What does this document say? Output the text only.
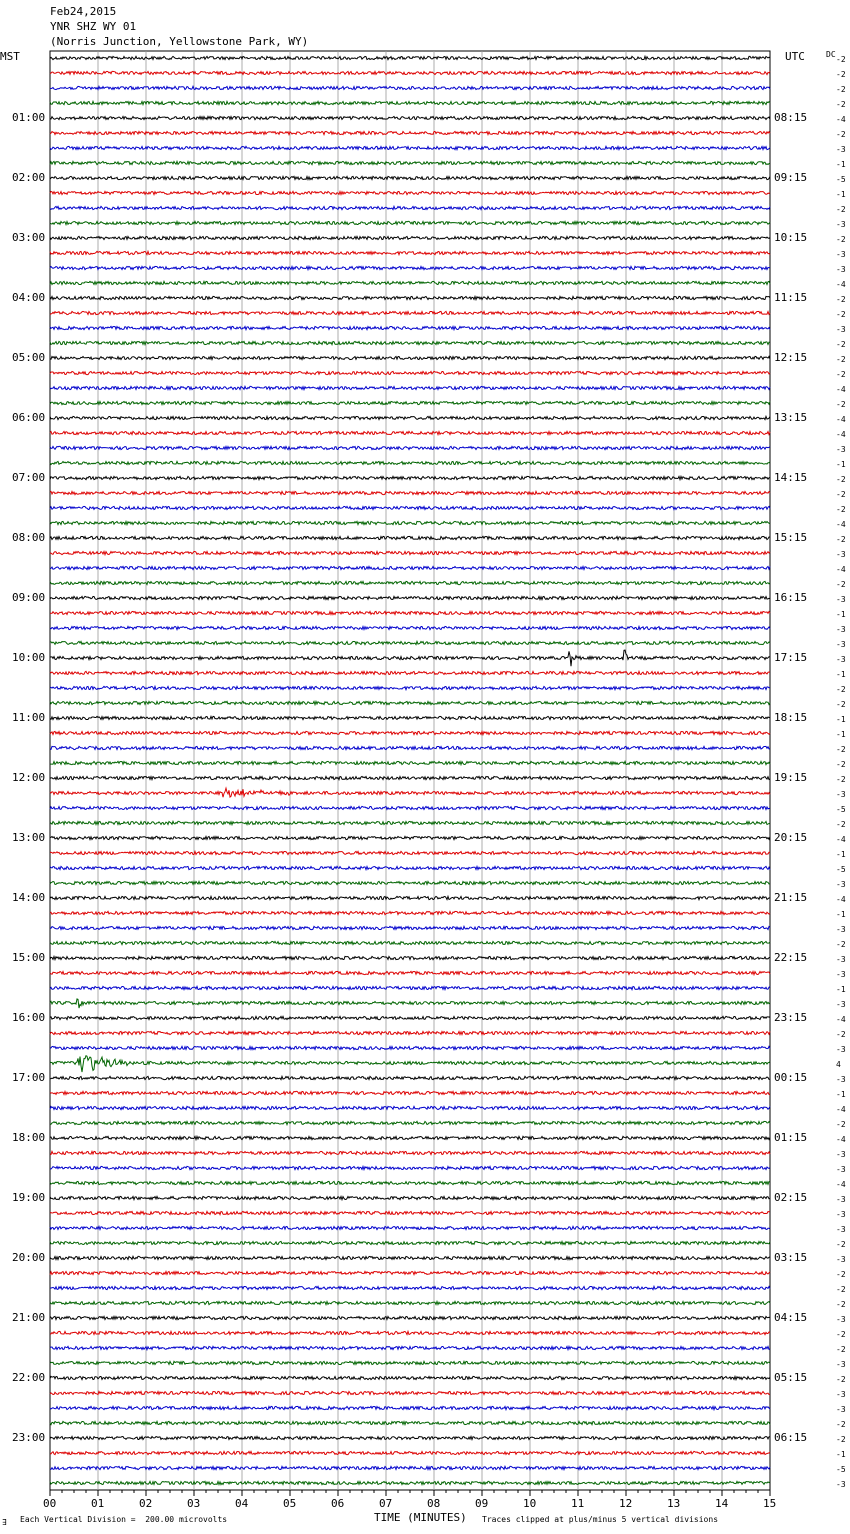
Feb24,2015
YNR SHZ WY 01
(Norris Junction, Yellowstone Park, WY)
MST	UTC	DC
01:00
02:00
03:00
04:00
05:00
06:00
07:00
08:00
09:00
10:00
11:00
12:00
13:00
14:00
15:00
16:00
17:00
18:00
19:00
20:00
21:00
22:00
23:00
08:15
09:15
10:15
11:15
12:15
13:15
14:15
15:15
16:15
17:15
18:15
19:15
20:15
21:15
22:15
23:15
00:15
01:15
02:15
03:15
04:15
05:15
06:15
-2
-2
-2
-2
-4
-2
-3
-1
-5
-1
-2
-3
-2
-3
-3
-4
-2
-2
-3
-2
-2
-2
-4
-2
-4
-4
-3
-1
-2
-2
-2
-4
-2
-3
-4
-2
-3
-1
-3
-3
-3
-1
-2
-2
-1
-1
-2
-2
-2
-3
-5
-2
-4
-1
-5
-3
-4
-1
-3
-2
-3
-3
-1
-3
-4
-2
-3
4
-3
-1
-4
-2
-4
-3
-3
-4
-3
-3
-3
-2
-3
-2
-2
-2
-3
-2
-2
-3
-2
-3
-3
-2
-2
-1
-5
-3
00	01	02	03	04	05	06	07	08	09	10	11	12	13	14	15
TIME (MINUTES)
∃ Each Vertical Division =  200.00 microvolts	Traces clipped at plus/minus 5 vertical divisions
